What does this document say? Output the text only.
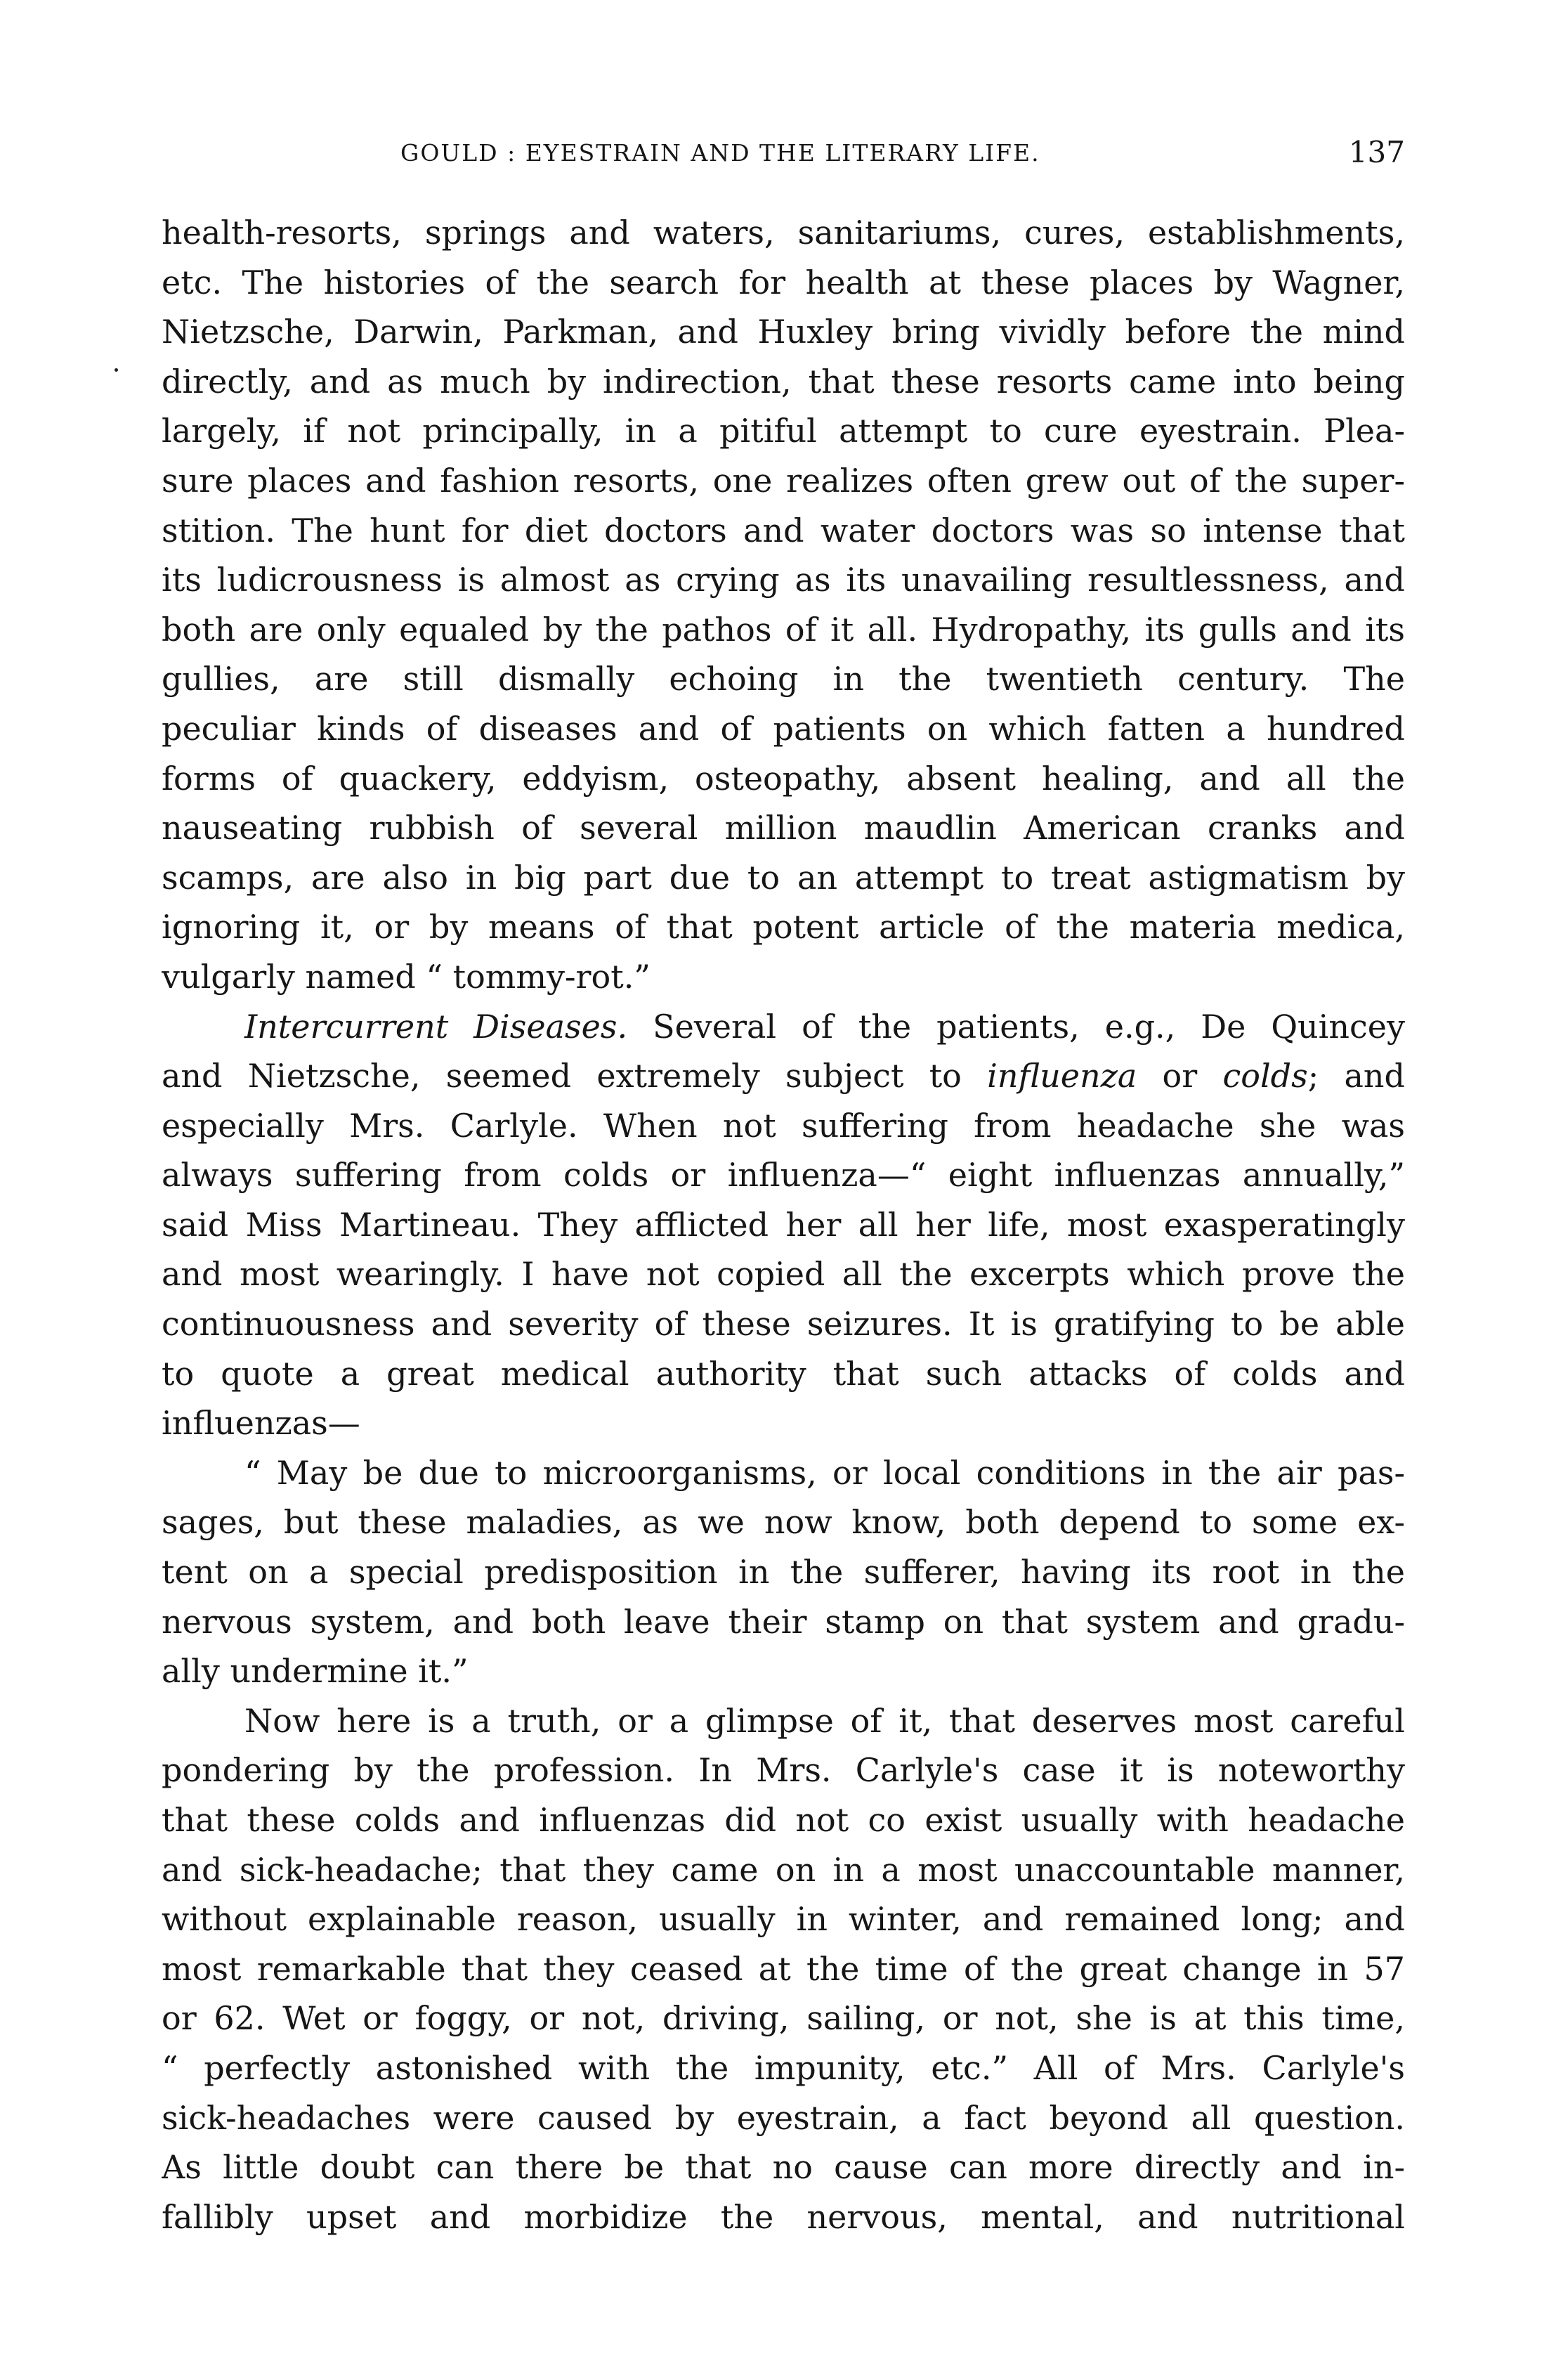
GOULD : EYESTRAIN AND THE LITERARY LIFE.	137
health-resorts, springs and waters, sanitariums, cures, establishments,
etc. The histories of the search for health at these places by Wagner,
Nietzsche, Darwin, Parkman, and Huxley bring vividly before the mind
directly, and as much by indirection, that these resorts came into being
largely, if not principally, in a pitiful attempt to cure eyestrain. Plea-
sure places and fashion resorts, one realizes often grew out of the super-
stition. The hunt for diet doctors and water doctors was so intense that
its ludicrousness is almost as crying as its unavailing resultlessness, and
both are only equaled by the pathos of it all. Hydropathy, its gulls and its
gullies, are still dismally echoing in the twentieth century. The
peculiar kinds of diseases and of patients on which fatten a hundred
forms of quackery, eddyism, osteopathy, absent healing, and all the
nauseating rubbish of several million maudlin American cranks and
scamps, are also in big part due to an attempt to treat astigmatism by
ignoring it, or by means of that potent article of the materia medica,
vulgarly named “ tommy-rot.”
Intercurrent Diseases. Several of the patients, e.g., De Quincey
and Nietzsche, seemed extremely subject to influenza or colds; and
especially Mrs. Carlyle. When not suffering from headache she was
always suffering from colds or influenza—“ eight influenzas annually,”
said Miss Martineau. They afflicted her all her life, most exasperatingly
and most wearingly. I have not copied all the excerpts which prove the
continuousness and severity of these seizures. It is gratifying to be able
to quote a great medical authority that such attacks of colds and
influenzas—
“ May be due to microorganisms, or local conditions in the air pas-
sages, but these maladies, as we now know, both depend to some ex-
tent on a special predisposition in the sufferer, having its root in the
nervous system, and both leave their stamp on that system and gradu-
ally undermine it.”
Now here is a truth, or a glimpse of it, that deserves most careful
pondering by the profession. In Mrs. Carlyle's case it is noteworthy
that these colds and influenzas did not co exist usually with headache
and sick-headache; that they came on in a most unaccountable manner,
without explainable reason, usually in winter, and remained long; and
most remarkable that they ceased at the time of the great change in 57
or 62. Wet or foggy, or not, driving, sailing, or not, she is at this time,
“ perfectly astonished with the impunity, etc.” All of Mrs. Carlyle's
sick-headaches were caused by eyestrain, a fact beyond all question.
As little doubt can there be that no cause can more directly and in-
fallibly upset and morbidize the nervous, mental, and nutritional
